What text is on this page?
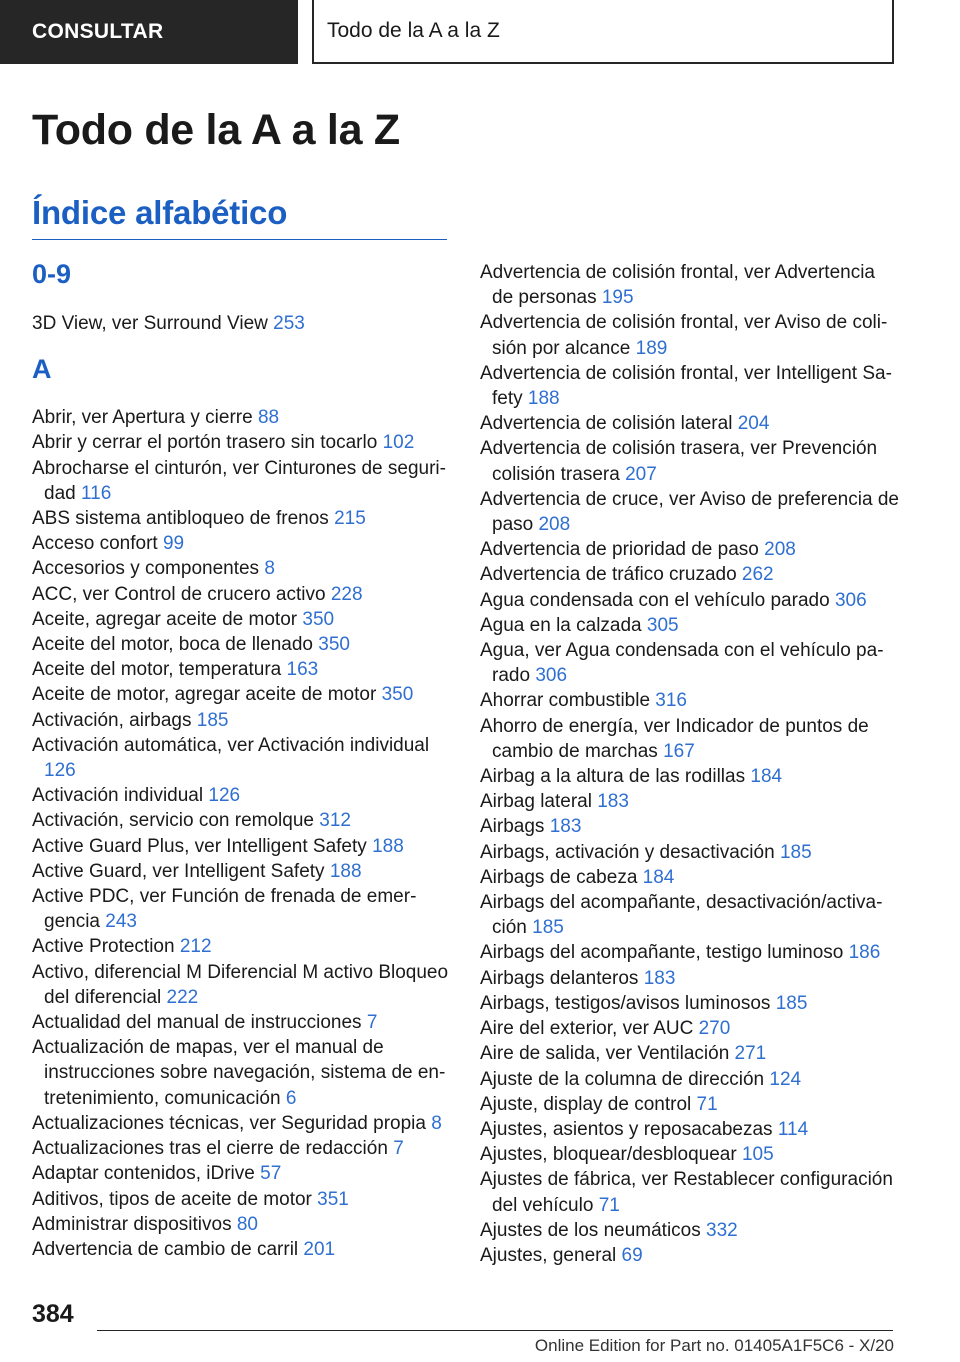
CONSULTAR	Todo de la A a la Z
Todo de la A a la Z
Índice alfabético
0-9
3D View, ver Surround View 253
A
Abrir, ver Apertura y cierre 88
Abrir y cerrar el portón trasero sin tocarlo 102
Abrocharse el cinturón, ver Cinturones de seguridad 116
ABS sistema antibloqueo de frenos 215
Acceso confort 99
Accesorios y componentes 8
ACC, ver Control de crucero activo 228
Aceite, agregar aceite de motor 350
Aceite del motor, boca de llenado 350
Aceite del motor, temperatura 163
Aceite de motor, agregar aceite de motor 350
Activación, airbags 185
Activación automática, ver Activación individual 126
Activación individual 126
Activación, servicio con remolque 312
Active Guard Plus, ver Intelligent Safety 188
Active Guard, ver Intelligent Safety 188
Active PDC, ver Función de frenada de emergencia 243
Active Protection 212
Activo, diferencial M Diferencial M activo Bloqueo del diferencial 222
Actualidad del manual de instrucciones 7
Actualización de mapas, ver el manual de instrucciones sobre navegación, sistema de entretenimiento, comunicación 6
Actualizaciones técnicas, ver Seguridad propia 8
Actualizaciones tras el cierre de redacción 7
Adaptar contenidos, iDrive 57
Aditivos, tipos de aceite de motor 351
Administrar dispositivos 80
Advertencia de cambio de carril 201
Advertencia de colisión frontal, ver Advertencia de personas 195
Advertencia de colisión frontal, ver Aviso de colisión por alcance 189
Advertencia de colisión frontal, ver Intelligent Safety 188
Advertencia de colisión lateral 204
Advertencia de colisión trasera, ver Prevención colisión trasera 207
Advertencia de cruce, ver Aviso de preferencia de paso 208
Advertencia de prioridad de paso 208
Advertencia de tráfico cruzado 262
Agua condensada con el vehículo parado 306
Agua en la calzada 305
Agua, ver Agua condensada con el vehículo parado 306
Ahorrar combustible 316
Ahorro de energía, ver Indicador de puntos de cambio de marchas 167
Airbag a la altura de las rodillas 184
Airbag lateral 183
Airbags 183
Airbags, activación y desactivación 185
Airbags de cabeza 184
Airbags del acompañante, desactivación/activación 185
Airbags del acompañante, testigo luminoso 186
Airbags delanteros 183
Airbags, testigos/avisos luminosos 185
Aire del exterior, ver AUC 270
Aire de salida, ver Ventilación 271
Ajuste de la columna de dirección 124
Ajuste, display de control 71
Ajustes, asientos y reposacabezas 114
Ajustes, bloquear/desbloquear 105
Ajustes de fábrica, ver Restablecer configuración del vehículo 71
Ajustes de los neumáticos 332
Ajustes, general 69
384
Online Edition for Part no. 01405A1F5C6 - X/20
